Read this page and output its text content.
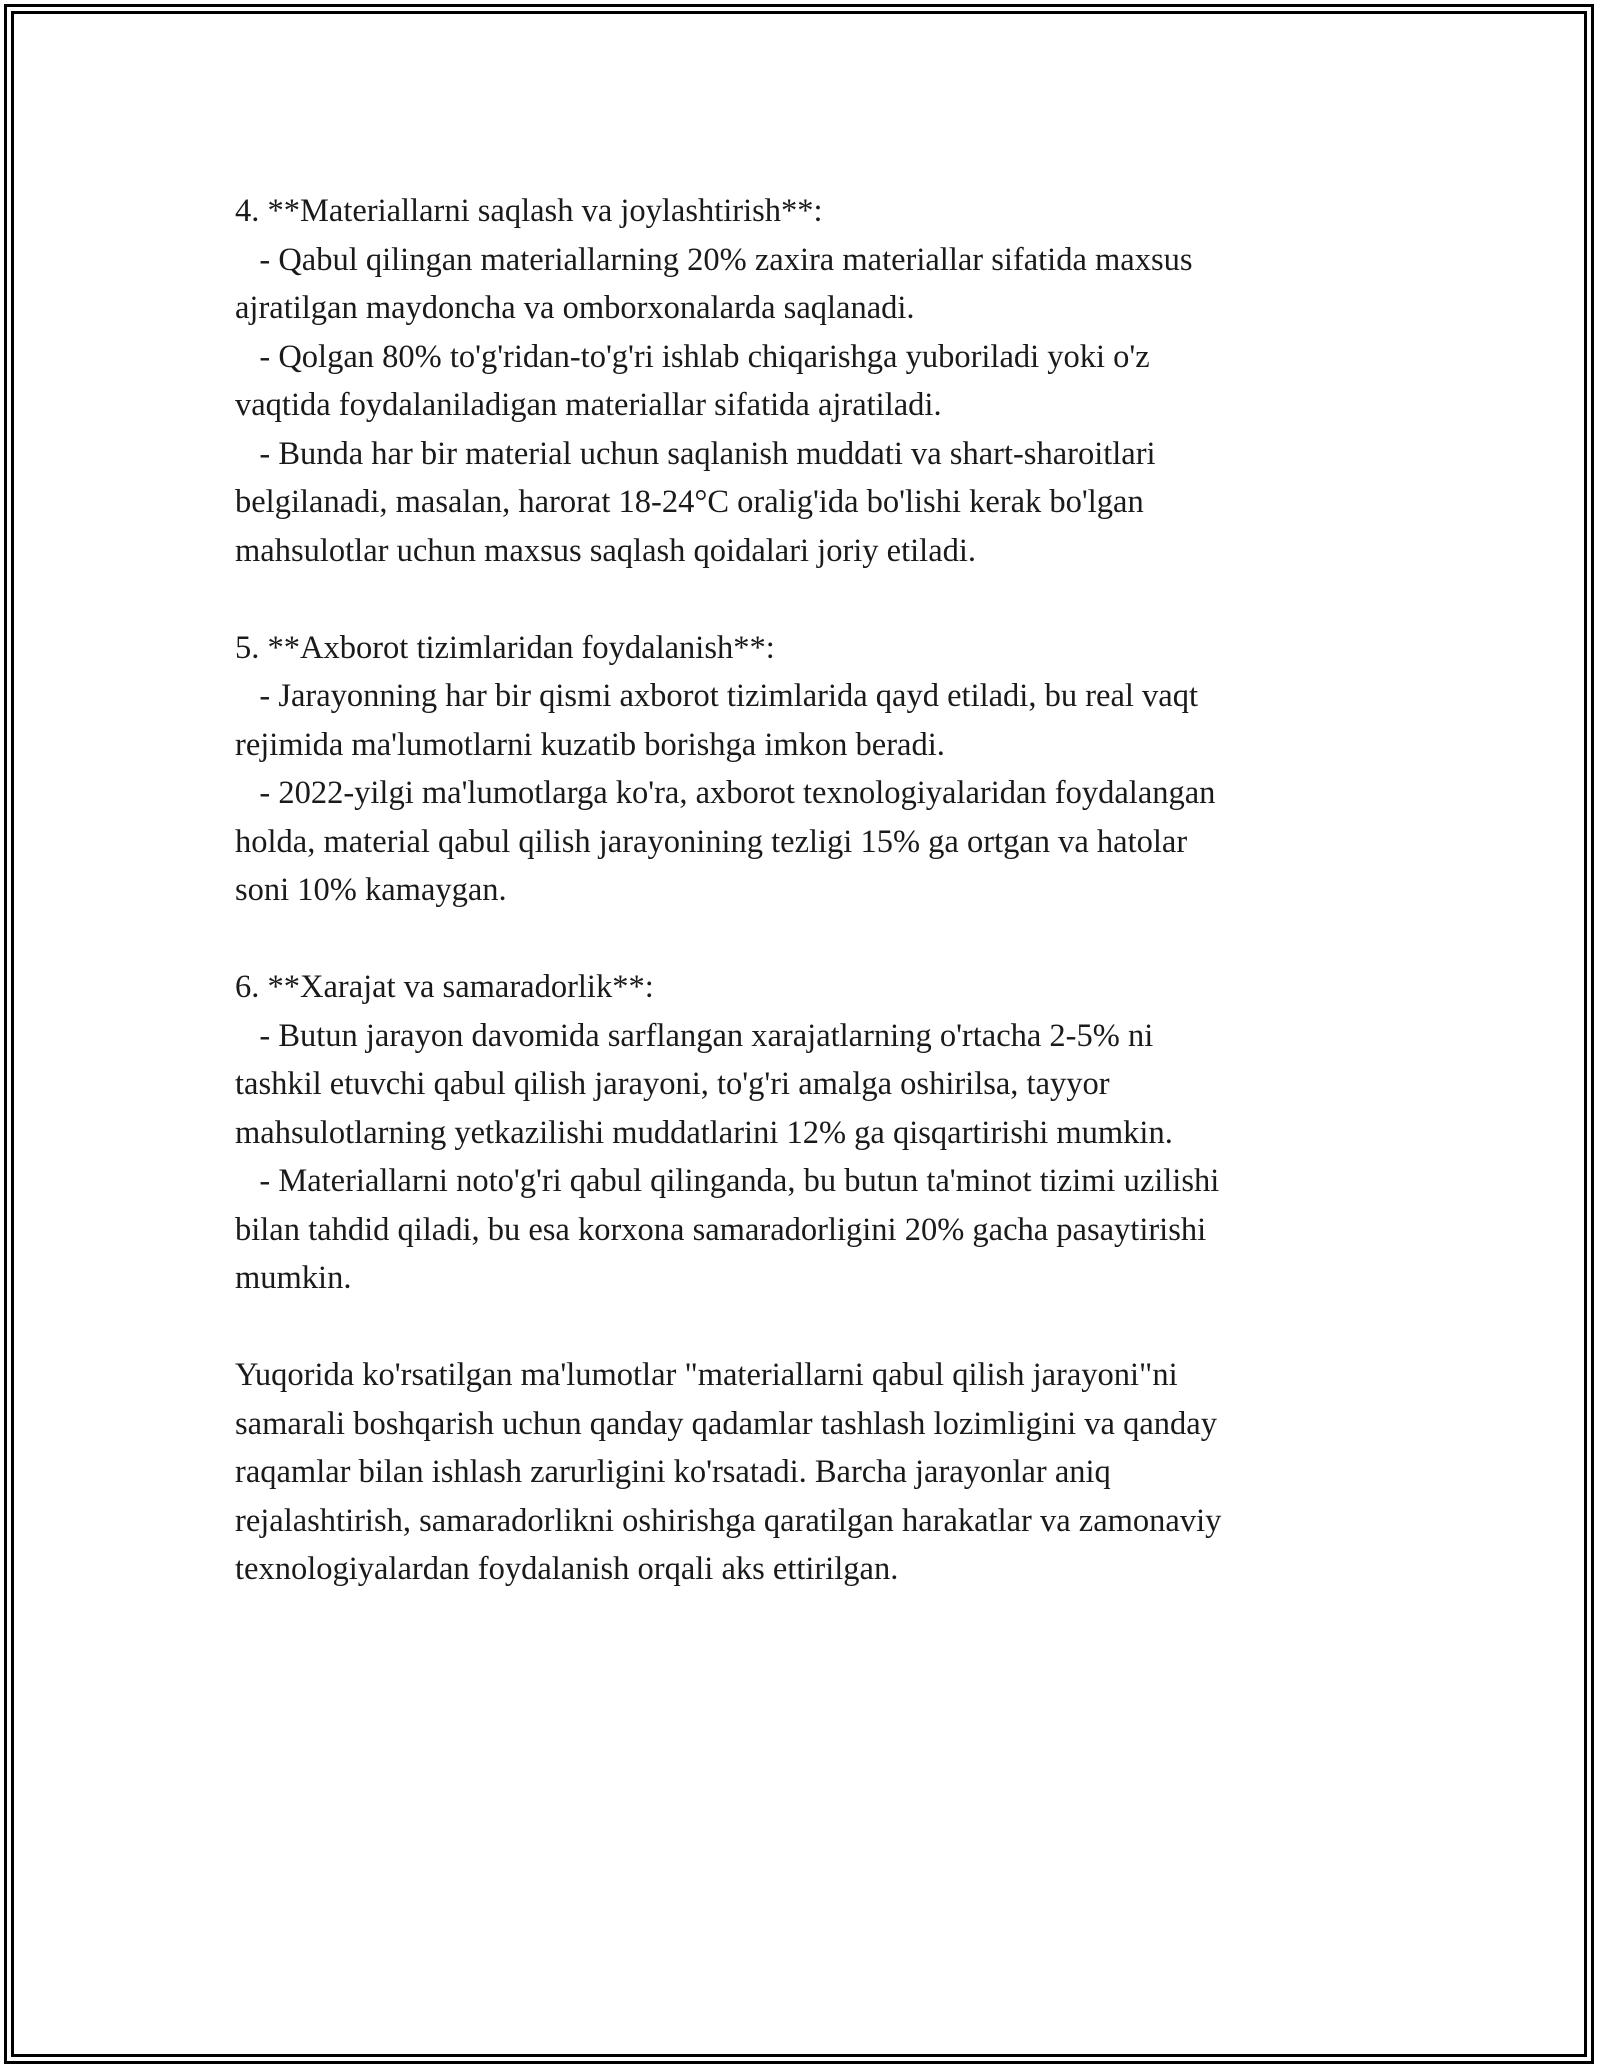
4. **Materiallarni saqlash va joylashtirish**:
- Qabul qilingan materiallarning 20% zaxira materiallar sifatida maxsus
ajratilgan maydoncha va omborxonalarda saqlanadi.
- Qolgan 80% to'g'ridan-to'g'ri ishlab chiqarishga yuboriladi yoki o'z
vaqtida foydalaniladigan materiallar sifatida ajratiladi.
- Bunda har bir material uchun saqlanish muddati va shart-sharoitlari
belgilanadi, masalan, harorat 18-24°C oralig'ida bo'lishi kerak bo'lgan
mahsulotlar uchun maxsus saqlash qoidalari joriy etiladi.
5. **Axborot tizimlaridan foydalanish**:
- Jarayonning har bir qismi axborot tizimlarida qayd etiladi, bu real vaqt
rejimida ma'lumotlarni kuzatib borishga imkon beradi.
- 2022-yilgi ma'lumotlarga ko'ra, axborot texnologiyalaridan foydalangan
holda, material qabul qilish jarayonining tezligi 15% ga ortgan va hatolar
soni 10% kamaygan.
6. **Xarajat va samaradorlik**:
- Butun jarayon davomida sarflangan xarajatlarning o'rtacha 2-5% ni
tashkil etuvchi qabul qilish jarayoni, to'g'ri amalga oshirilsa, tayyor
mahsulotlarning yetkazilishi muddatlarini 12% ga qisqartirishi mumkin.
- Materiallarni noto'g'ri qabul qilinganda, bu butun ta'minot tizimi uzilishi
bilan tahdid qiladi, bu esa korxona samaradorligini 20% gacha pasaytirishi
mumkin.
Yuqorida ko'rsatilgan ma'lumotlar "materiallarni qabul qilish jarayoni"ni
samarali boshqarish uchun qanday qadamlar tashlash lozimligini va qanday
raqamlar bilan ishlash zarurligini ko'rsatadi. Barcha jarayonlar aniq
rejalashtirish, samaradorlikni oshirishga qaratilgan harakatlar va zamonaviy
texnologiyalardan foydalanish orqali aks ettirilgan.
